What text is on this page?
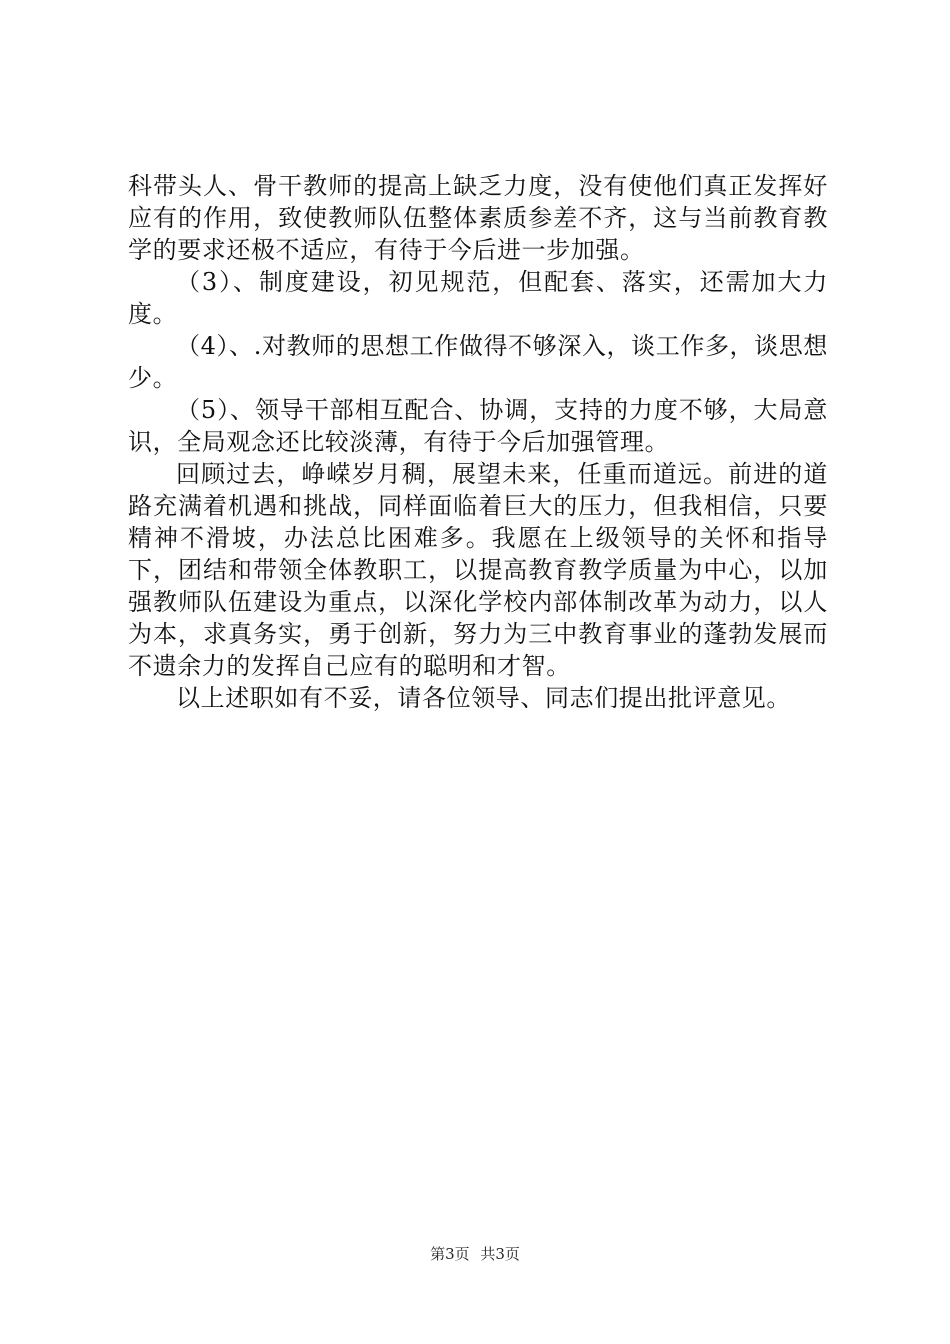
科带头人、骨干教师的提高上缺乏力度，没有使他们真正发挥好应有的作用，致使教师队伍整体素质参差不齐，这与当前教育教学的要求还极不适应，有待于今后进一步加强。

（3）、制度建设，初见规范，但配套、落实，还需加大力度。

（4）、.对教师的思想工作做得不够深入，谈工作多，谈思想少。

（5）、领导干部相互配合、协调，支持的力度不够，大局意识，全局观念还比较淡薄，有待于今后加强管理。

回顾过去，峥嵘岁月稠，展望未来，任重而道远。前进的道路充满着机遇和挑战，同样面临着巨大的压力，但我相信，只要精神不滑坡，办法总比困难多。我愿在上级领导的关怀和指导下，团结和带领全体教职工，以提高教育教学质量为中心，以加强教师队伍建设为重点，以深化学校内部体制改革为动力，以人为本，求真务实，勇于创新，努力为三中教育事业的蓬勃发展而不遗余力的发挥自己应有的聪明和才智。

以上述职如有不妥，请各位领导、同志们提出批评意见。

第3页 共3页
